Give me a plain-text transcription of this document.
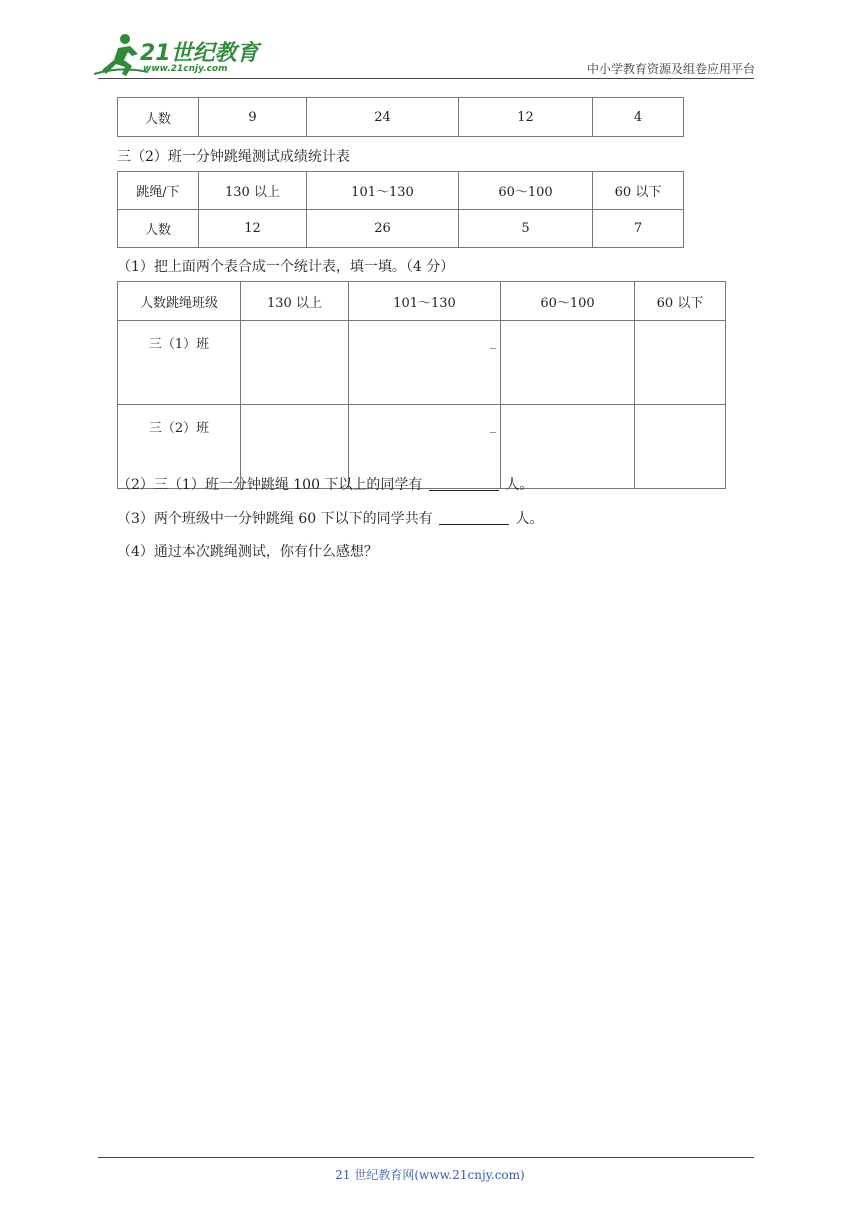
21世纪教育
www.21cnjy.com	中小学教育资源及组卷应用平台
人数	9	24	12	4
三（2）班一分钟跳绳测试成绩统计表
跳绳/下	130 以上	101～130	60～100	60 以下
人数	12	26	5	7
（1）把上面两个表合成一个统计表，填一填。（4 分）
人数跳绳班级	130 以上	101～130	60～100	60 以下
三（1）班		_		

三（2）班		_		

（2）三（1）班一分钟跳绳 100 下以上的同学有	人。
（3）两个班级中一分钟跳绳 60 下以下的同学共有	人。
（4）通过本次跳绳测试，你有什么感想？
21 世纪教育网(www.21cnjy.com)
